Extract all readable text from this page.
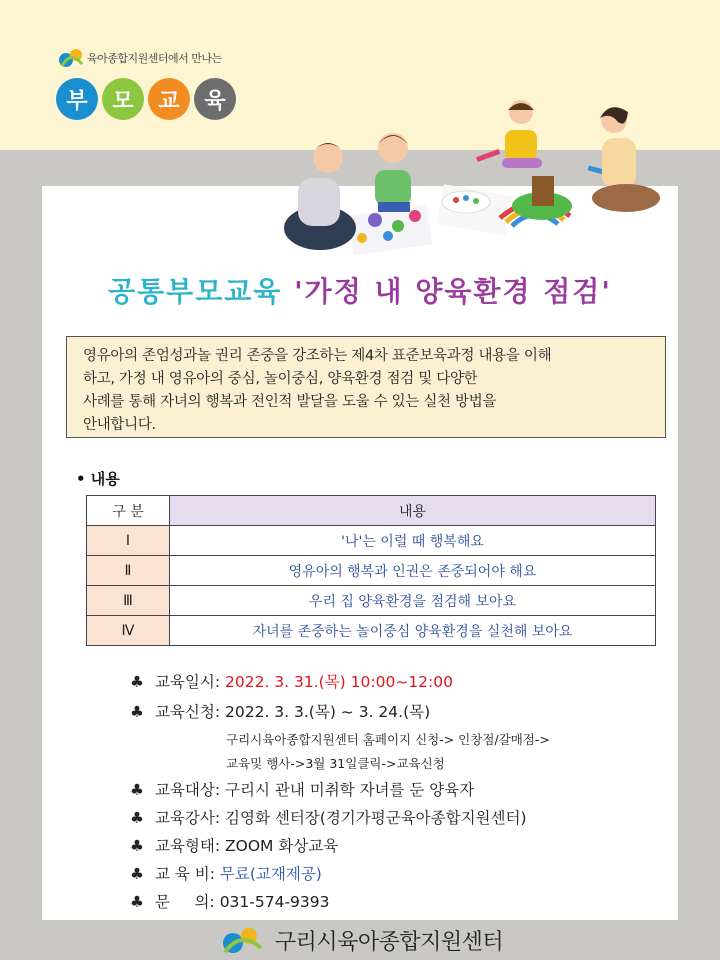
육아종합지원센터에서 만나는
부	모	교	육
공통부모교육 '가정 내 양육환경 점검'
영유아의 존엄성과놀 권리 존중을 강조하는 제4차 표준보육과정 내용을 이해
하고, 가정 내 영유아의 중심, 놀이중심, 양육환경 점검 및 다양한
사례를 통해 자녀의 행복과 전인적 발달을 도울 수 있는 실천 방법을
안내합니다.
• 내용
구 분	내용
Ⅰ	'나'는 이럴 때 행복해요
Ⅱ	영유아의 행복과 인권은 존중되어야 해요
Ⅲ	우리 집 양육환경을 점검해 보아요
Ⅳ	자녀를 존중하는 놀이중심 양육환경을 실천해 보아요
♣ 교육일시: 2022. 3. 31.(목) 10:00~12:00
♣ 교육신청: 2022. 3. 3.(목) ~ 3. 24.(목)
구리시육아종합지원센터 홈페이지 신청-> 인창점/갈매점->
교육및 행사->3월 31일클릭->교육신청
♣ 교육대상: 구리시 관내 미취학 자녀를 둔 양육자
♣ 교육강사: 김영화 센터장(경기가평군육아종합지원센터)
♣ 교육형태: ZOOM 화상교육
♣ 교 육 비: 무료(교재제공)
♣ 문     의: 031-574-9393
구리시육아종합지원센터
